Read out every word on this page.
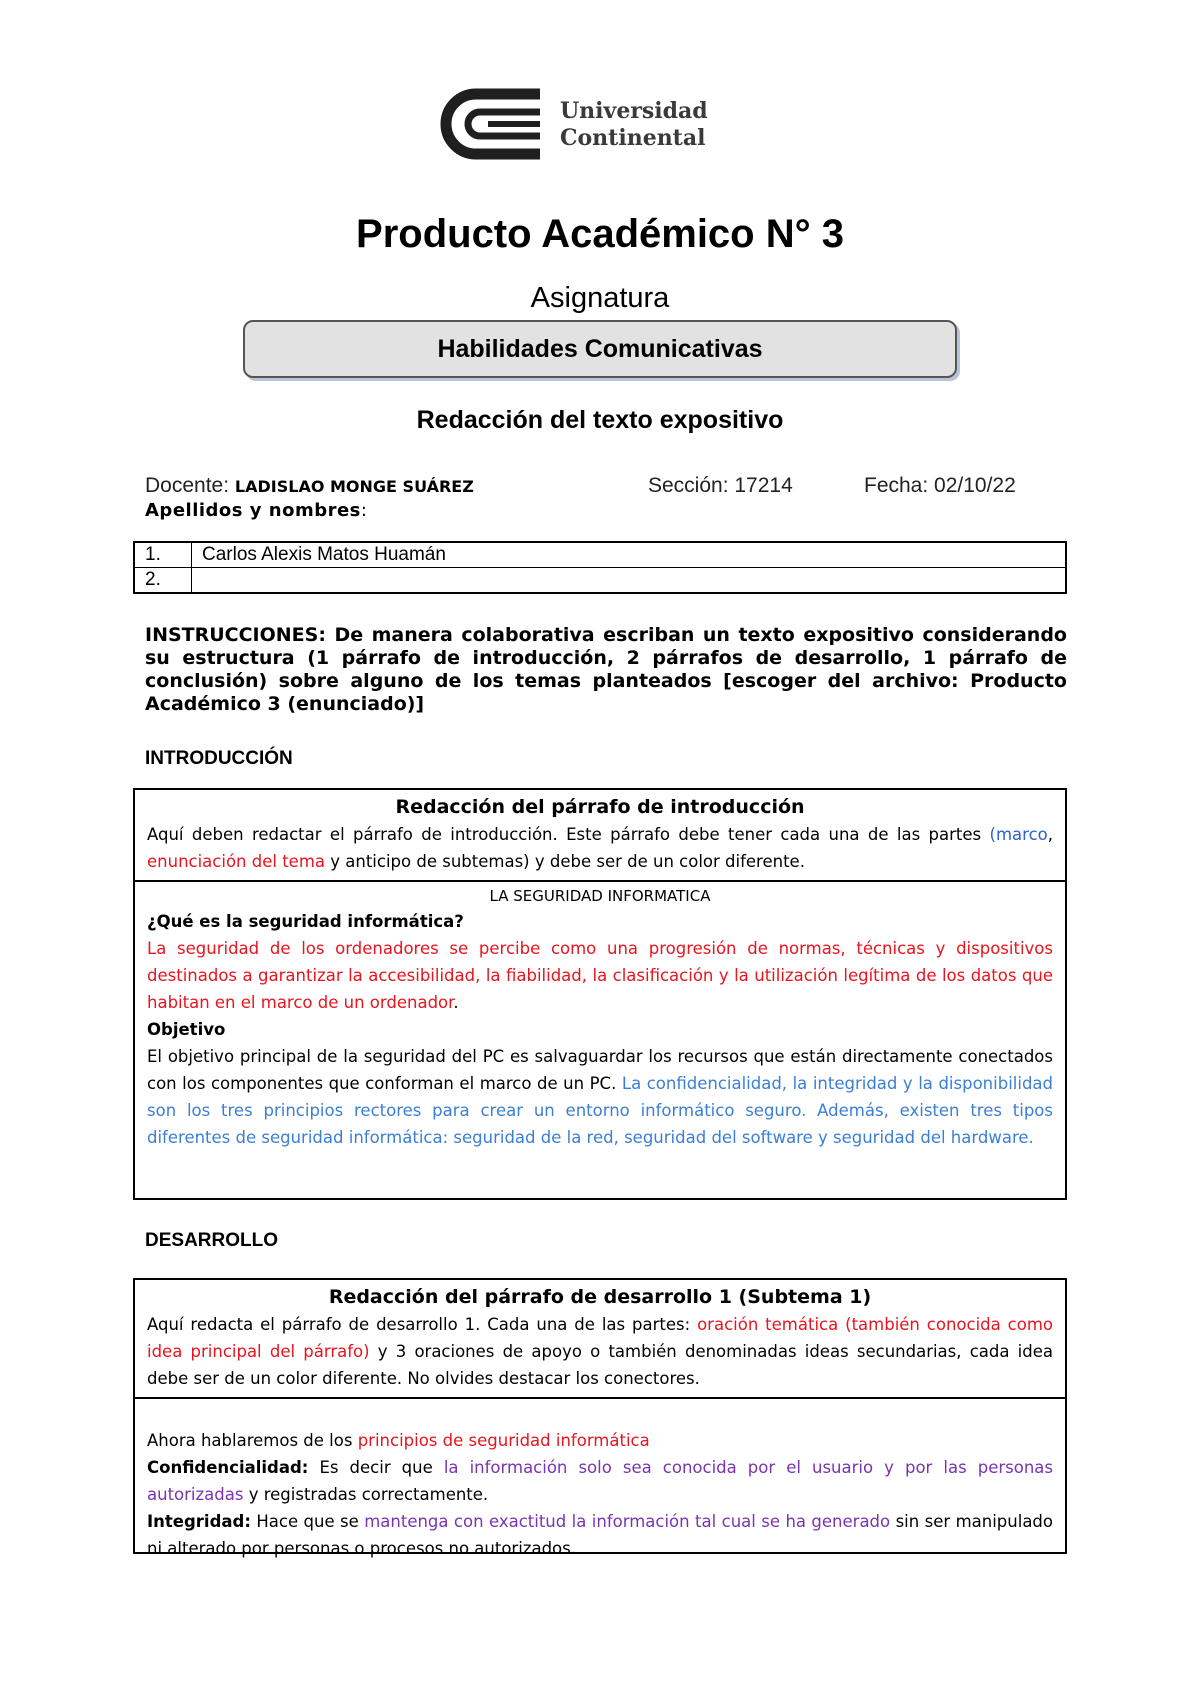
Universidad
Continental
Producto Académico N° 3
Asignatura
Habilidades Comunicativas
Redacción del texto expositivo
Docente: LADISLAO MONGE SUÁREZ	Sección: 17214	Fecha: 02/10/22
Apellidos y nombres:
1.	Carlos Alexis Matos Huamán
2.	
INSTRUCCIONES: De manera colaborativa escriban un texto expositivo considerando su estructura (1 párrafo de introducción, 2 párrafos de desarrollo, 1 párrafo de conclusión) sobre alguno de los temas planteados [escoger del archivo: Producto Académico 3 (enunciado)]
INTRODUCCIÓN
Redacción del párrafo de introducción

Aquí deben redactar el párrafo de introducción. Este párrafo debe tener cada una de las partes (marco, enunciación del tema y anticipo de subtemas) y debe ser de un color diferente.

LA SEGURIDAD INFORMATICA

¿Qué es la seguridad informática?

La seguridad de los ordenadores se percibe como una progresión de normas, técnicas y dispositivos destinados a garantizar la accesibilidad, la fiabilidad, la clasificación y la utilización legítima de los datos que habitan en el marco de un ordenador.

Objetivo

El objetivo principal de la seguridad del PC es salvaguardar los recursos que están directamente conectados con los componentes que conforman el marco de un PC. La confidencialidad, la integridad y la disponibilidad son los tres principios rectores para crear un entorno informático seguro. Además, existen tres tipos diferentes de seguridad informática: seguridad de la red, seguridad del software y seguridad del hardware.

DESARROLLO
Redacción del párrafo de desarrollo 1 (Subtema 1)

Aquí redacta el párrafo de desarrollo 1. Cada una de las partes: oración temática (también conocida como idea principal del párrafo) y 3 oraciones de apoyo o también denominadas ideas secundarias, cada idea debe ser de un color diferente. No olvides destacar los conectores.

Ahora hablaremos de los principios de seguridad informática

Confidencialidad: Es decir que la información solo sea conocida por el usuario y por las personas autorizadas y registradas correctamente.

Integridad: Hace que se mantenga con exactitud la información tal cual se ha generado sin ser manipulado ni alterado por personas o procesos no autorizados.
